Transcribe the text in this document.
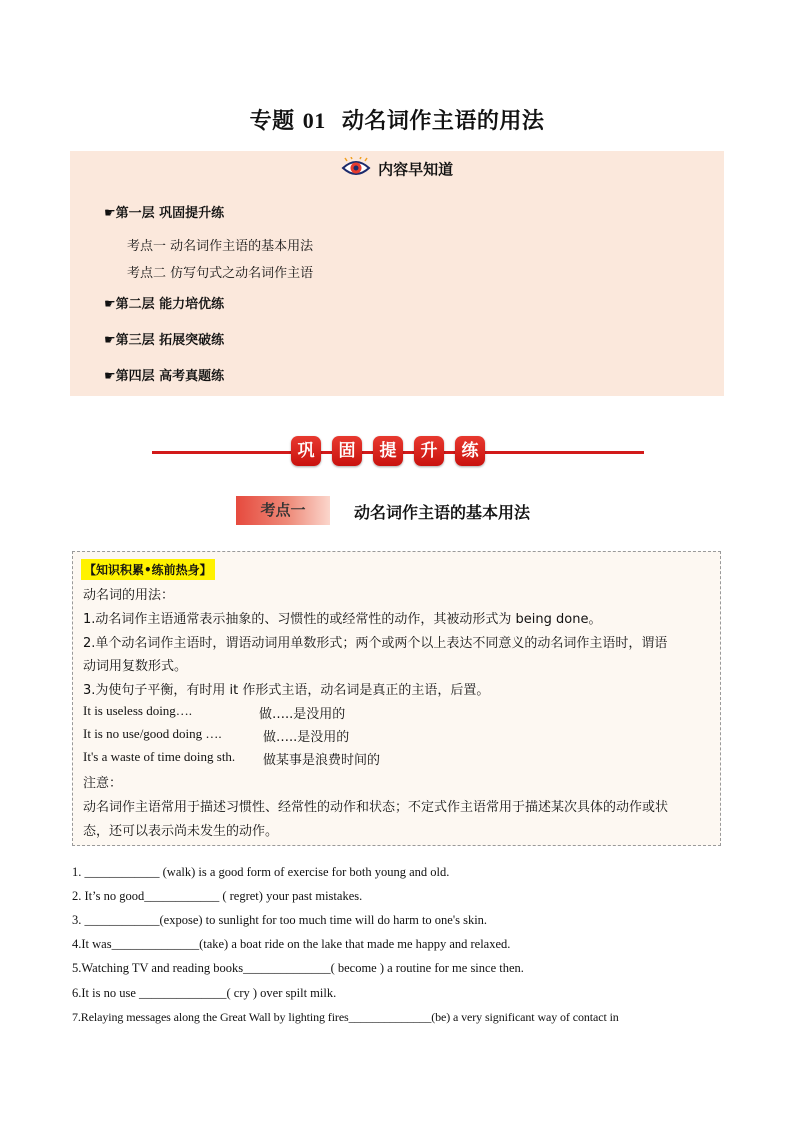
专题 01 动名词作主语的用法
内容早知道
☛第一层 巩固提升练
考点一 动名词作主语的基本用法
考点二 仿写句式之动名词作主语
☛第二层 能力培优练
☛第三层 拓展突破练
☛第四层 高考真题练
巩	固	提	升	练
考点一	动名词作主语的基本用法
【知识积累•练前热身】
动名词的用法：
1.动名词作主语通常表示抽象的、习惯性的或经常性的动作，其被动形式为 being done。
2.单个动名词作主语时，谓语动词用单数形式；两个或两个以上表达不同意义的动名词作主语时，谓语
动词用复数形式。
3.为使句子平衡，有时用 it 作形式主语，动名词是真正的主语，后置。
It is useless doing….	做…..是没用的
It is no use/good doing ….	做…..是没用的
It's a waste of time doing sth. 做某事是浪费时间的
注意：
动名词作主语常用于描述习惯性、经常性的动作和状态；不定式作主语常用于描述某次具体的动作或状
态，还可以表示尚未发生的动作。
1. ____________ (walk) is a good form of exercise for both young and old.
2. It’s no good____________ ( regret) your past mistakes.
3. ____________(expose) to sunlight for too much time will do harm to one's skin.
4.It was______________(take) a boat ride on the lake that made me happy and relaxed.
5.Watching TV and reading books______________( become ) a routine for me since then.
6.It is no use ______________( cry ) over spilt milk.
7.Relaying messages along the Great Wall by lighting fires______________(be) a very significant way of contact in
